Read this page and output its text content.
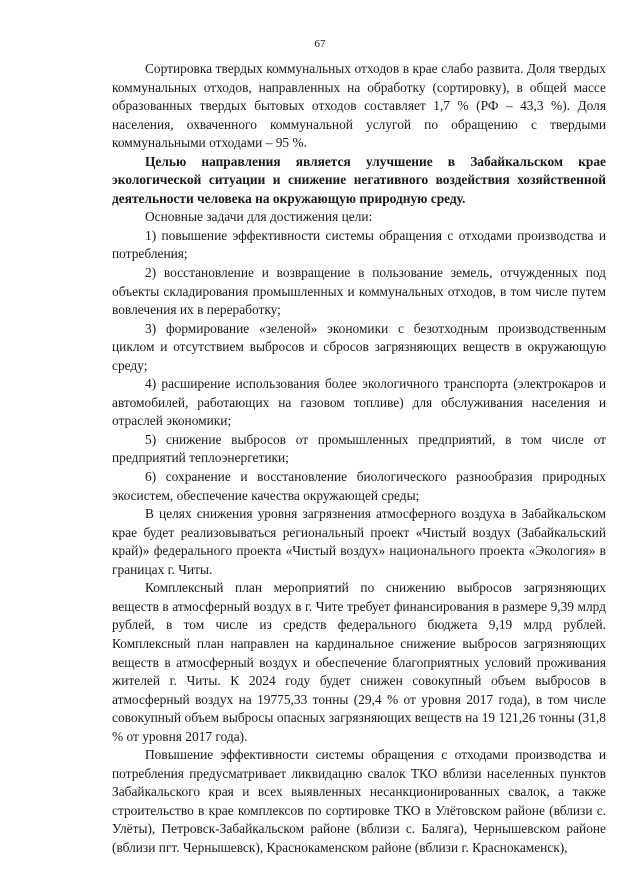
67

Сортировка твердых коммунальных отходов в крае слабо развита. Доля твердых коммунальных отходов, направленных на обработку (сортировку), в общей массе образованных твердых бытовых отходов составляет 1,7 % (РФ – 43,3 %). Доля населения, охваченного коммунальной услугой по обращению с твердыми коммунальными отходами – 95 %.

Целью направления является улучшение в Забайкальском крае экологической ситуации и снижение негативного воздействия хозяйственной деятельности человека на окружающую природную среду.

Основные задачи для достижения цели:

1) повышение эффективности системы обращения с отходами производства и потребления;

2) восстановление и возвращение в пользование земель, отчужденных под объекты складирования промышленных и коммунальных отходов, в том числе путем вовлечения их в переработку;

3) формирование «зеленой» экономики с безотходным производственным циклом и отсутствием выбросов и сбросов загрязняющих веществ в окружающую среду;

4) расширение использования более экологичного транспорта (электрокаров и автомобилей, работающих на газовом топливе) для обслуживания населения и отраслей экономики;

5) снижение выбросов от промышленных предприятий, в том числе от предприятий теплоэнергетики;

6) сохранение и восстановление биологического разнообразия природных экосистем, обеспечение качества окружающей среды;

В целях снижения уровня загрязнения атмосферного воздуха в Забайкальском крае будет реализовываться региональный проект «Чистый воздух (Забайкальский край)» федерального проекта «Чистый воздух» национального проекта «Экология» в границах г. Читы.

Комплексный план мероприятий по снижению выбросов загрязняющих веществ в атмосферный воздух в г. Чите требует финансирования в размере 9,39 млрд рублей, в том числе из средств федерального бюджета 9,19 млрд рублей. Комплексный план направлен на кардинальное снижение выбросов загрязняющих веществ в атмосферный воздух и обеспечение благоприятных условий проживания жителей г. Читы. К 2024 году будет снижен совокупный объем выбросов в атмосферный воздух на 19775,33 тонны (29,4 % от уровня 2017 года), в том числе совокупный объем выбросы опасных загрязняющих веществ на 19 121,26 тонны (31,8 % от уровня 2017 года).

Повышение эффективности системы обращения с отходами производства и потребления предусматривает ликвидацию свалок ТКО вблизи населенных пунктов Забайкальского края и всех выявленных несанкционированных свалок, а также строительство в крае комплексов по сортировке ТКО в Улётовском районе (вблизи с. Улёты), Петровск-Забайкальском районе (вблизи с. Баляга), Чернышевском районе (вблизи пгт. Чернышевск), Краснокаменском районе (вблизи г. Краснокаменск),
